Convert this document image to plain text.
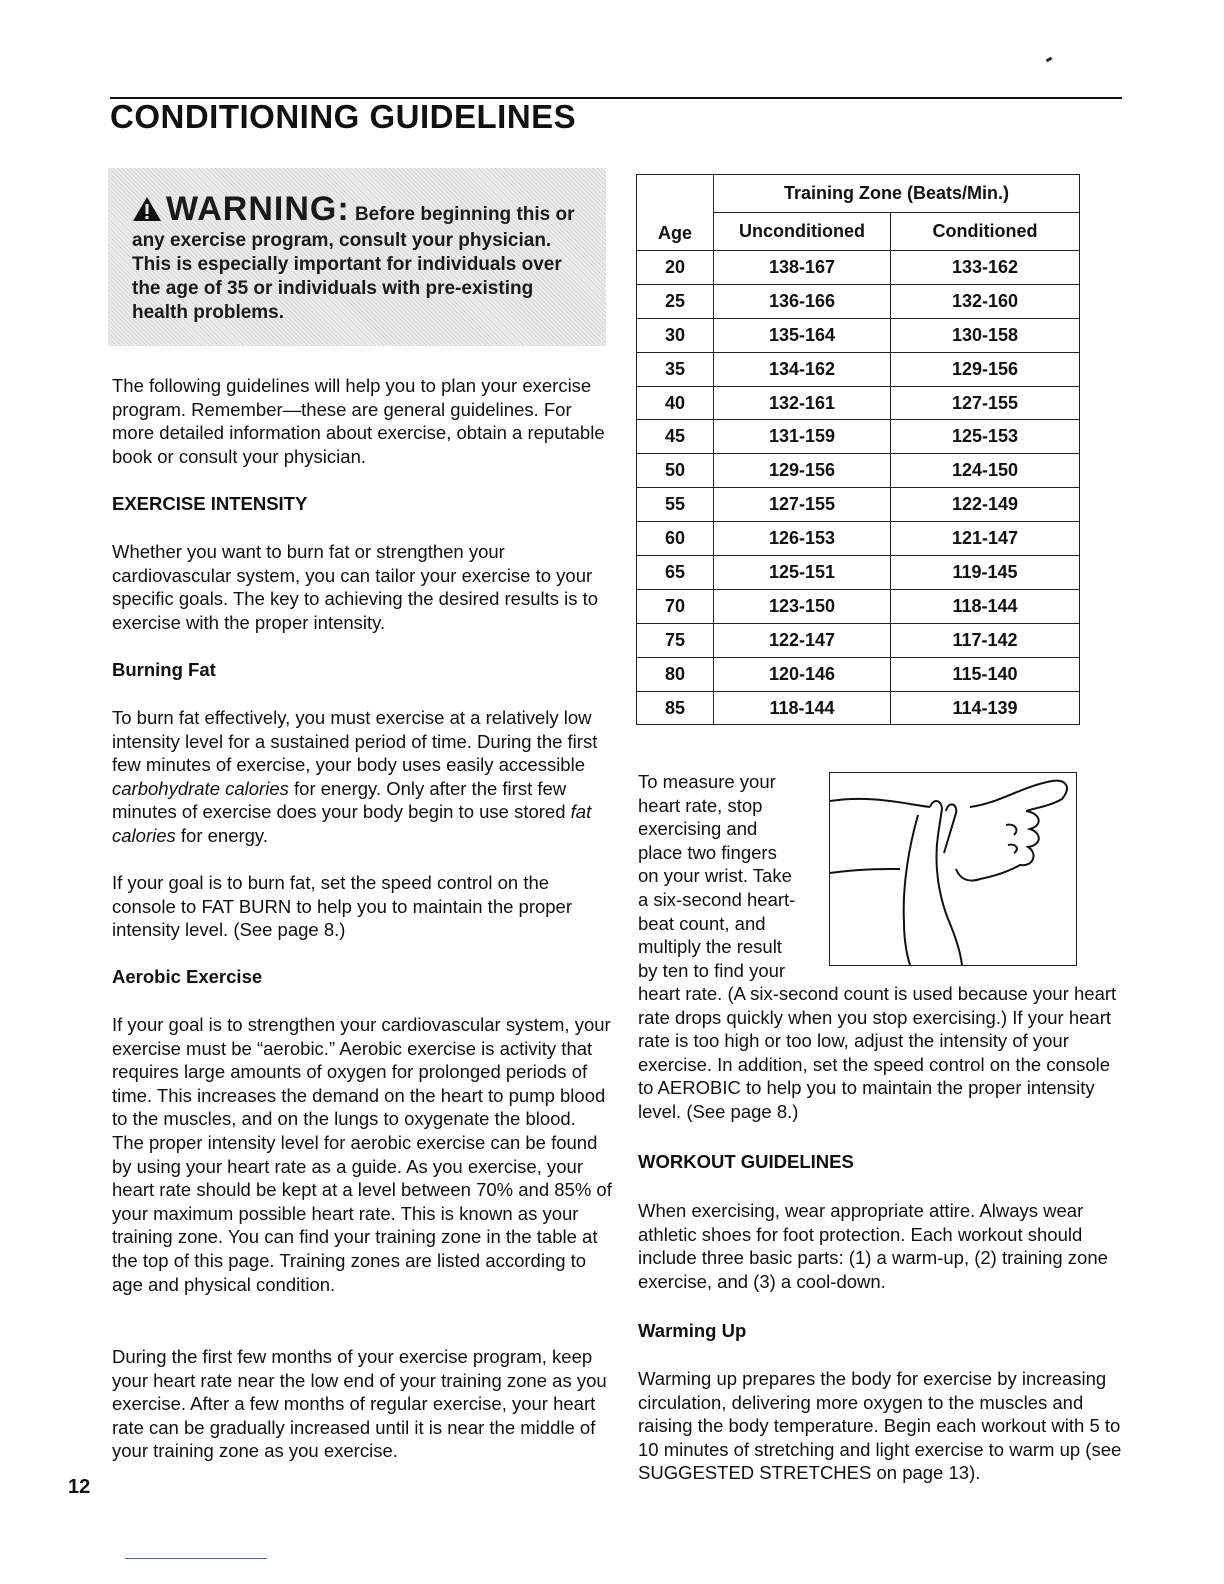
CONDITIONING GUIDELINES
WARNING: Before beginning this or any exercise program, consult your physician. This is especially important for individuals over the age of 35 or individuals with pre-existing health problems.

The following guidelines will help you to plan your exercise program. Remember—these are general guidelines. For more detailed information about exercise, obtain a reputable book or consult your physician.

EXERCISE INTENSITY

Whether you want to burn fat or strengthen your cardiovascular system, you can tailor your exercise to your specific goals. The key to achieving the desired results is to exercise with the proper intensity.

Burning Fat

To burn fat effectively, you must exercise at a relatively low intensity level for a sustained period of time. During the first few minutes of exercise, your body uses easily accessible carbohydrate calories for energy. Only after the first few minutes of exercise does your body begin to use stored fat calories for energy.

If your goal is to burn fat, set the speed control on the console to FAT BURN to help you to maintain the proper intensity level. (See page 8.)

Aerobic Exercise

If your goal is to strengthen your cardiovascular system, your exercise must be “aerobic.” Aerobic exercise is activity that requires large amounts of oxygen for prolonged periods of time. This increases the demand on the heart to pump blood to the muscles, and on the lungs to oxygenate the blood. The proper intensity level for aerobic exercise can be found by using your heart rate as a guide. As you exercise, your heart rate should be kept at a level between 70% and 85% of your maximum possible heart rate. This is known as your training zone. You can find your training zone in the table at the top of this page. Training zones are listed according to age and physical condition.

During the first few months of your exercise program, keep your heart rate near the low end of your training zone as you exercise. After a few months of regular exercise, your heart rate can be gradually increased until it is near the middle of your training zone as you exercise.

Age	Training Zone (Beats/Min.)	
	Unconditioned	Conditioned
20	138-167	133-162
25	136-166	132-160
30	135-164	130-158
35	134-162	129-156
40	132-161	127-155
45	131-159	125-153
50	129-156	124-150
55	127-155	122-149
60	126-153	121-147
65	125-151	119-145
70	123-150	118-144
75	122-147	117-142
80	120-146	115-140
85	118-144	114-139
To measure your
heart rate, stop
exercising and
place two fingers
on your wrist. Take
a six-second heart-
beat count, and
multiply the result
by ten to find your

heart rate. (A six-second count is used because your heart rate drops quickly when you stop exercising.) If your heart rate is too high or too low, adjust the intensity of your exercise. In addition, set the speed control on the console to AEROBIC to help you to maintain the proper intensity level. (See page 8.)

WORKOUT GUIDELINES

When exercising, wear appropriate attire. Always wear athletic shoes for foot protection. Each workout should include three basic parts: (1) a warm-up, (2) training zone exercise, and (3) a cool-down.

Warming Up

Warming up prepares the body for exercise by increasing circulation, delivering more oxygen to the muscles and raising the body temperature. Begin each workout with 5 to 10 minutes of stretching and light exercise to warm up (see SUGGESTED STRETCHES on page 13).

12
